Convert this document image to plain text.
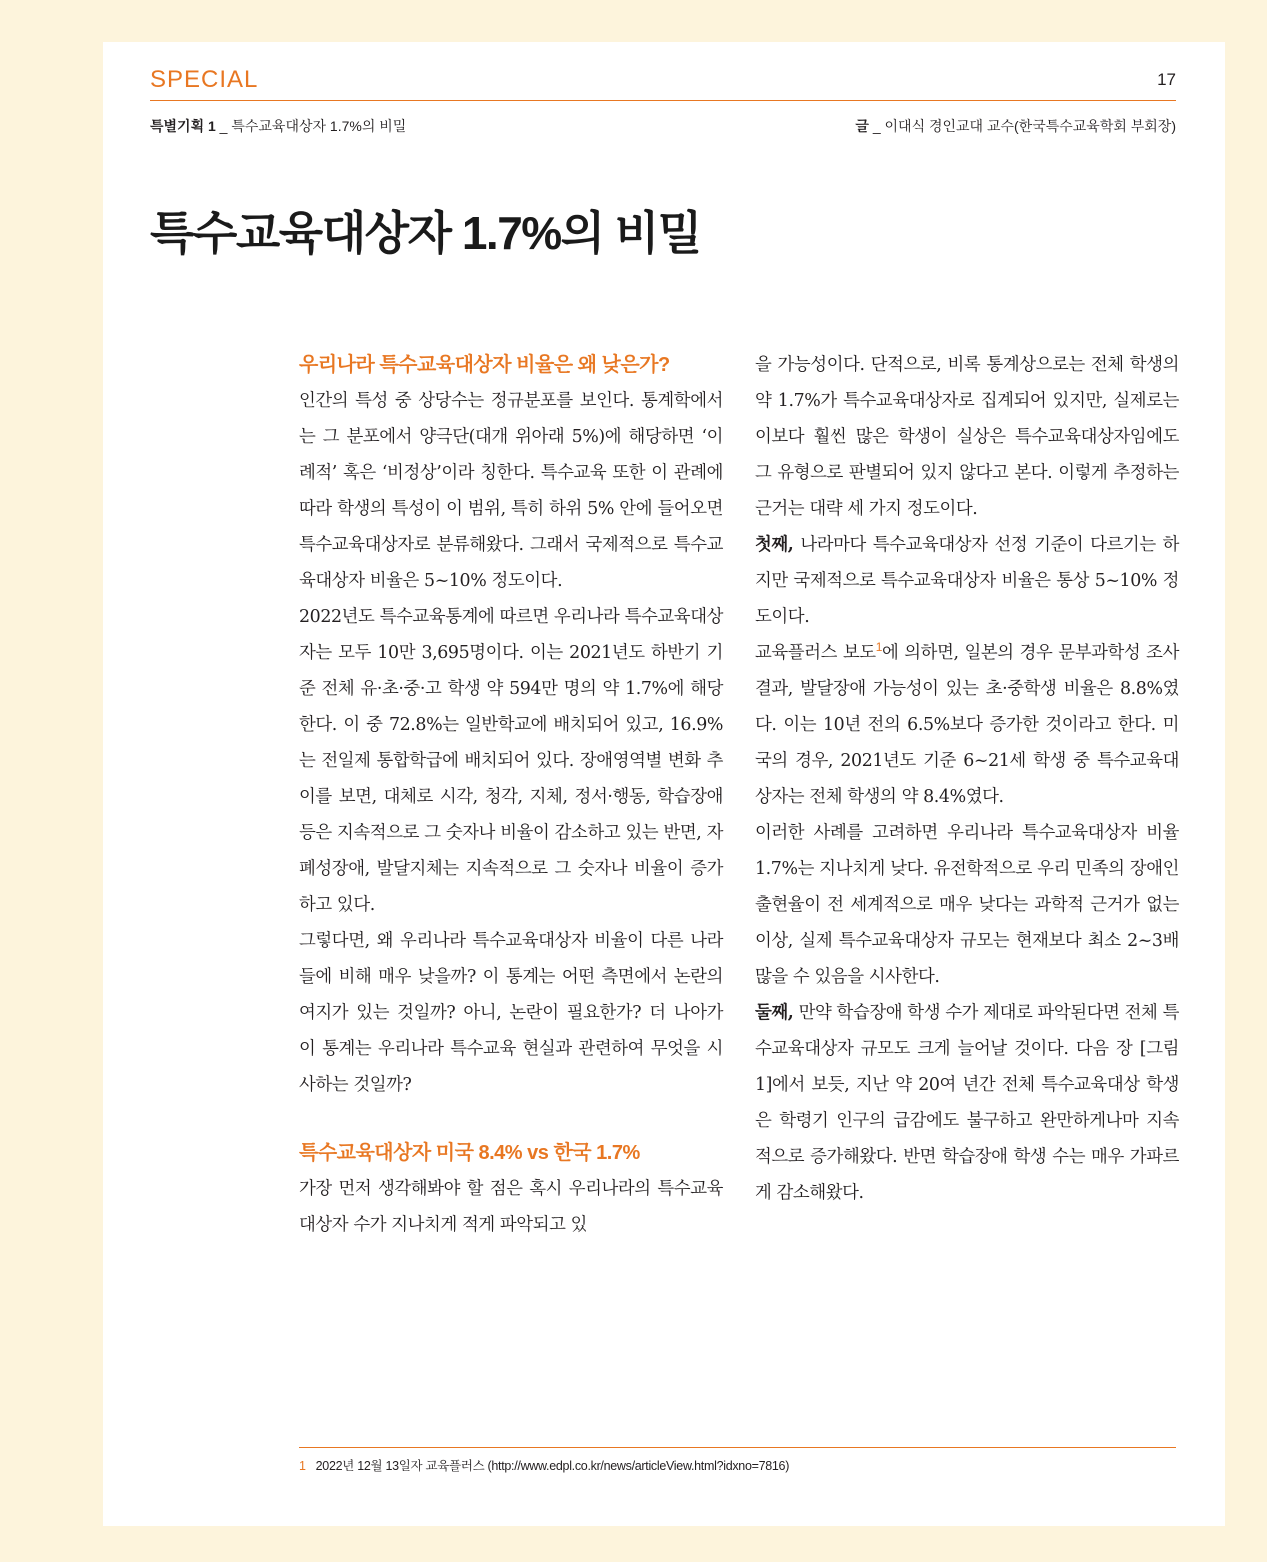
SPECIAL	17
특별기획 1 _ 특수교육대상자 1.7%의 비밀	글 _ 이대식 경인교대 교수(한국특수교육학회 부회장)
특수교육대상자 1.7%의 비밀
우리나라 특수교육대상자 비율은 왜 낮은가?

인간의 특성 중 상당수는 정규분포를 보인다. 통계학에서는 그 분포에서 양극단(대개 위아래 5%)에 해당하면 ‘이례적’ 혹은 ‘비정상’이라 칭한다. 특수교육 또한 이 관례에 따라 학생의 특성이 이 범위, 특히 하위 5% 안에 들어오면 특수교육대상자로 분류해왔다. 그래서 국제적으로 특수교육대상자 비율은 5~10% 정도이다.

2022년도 특수교육통계에 따르면 우리나라 특수교육대상자는 모두 10만 3,695명이다. 이는 2021년도 하반기 기준 전체 유·초·중·고 학생 약 594만 명의 약 1.7%에 해당한다. 이 중 72.8%는 일반학교에 배치되어 있고, 16.9%는 전일제 통합학급에 배치되어 있다. 장애영역별 변화 추이를 보면, 대체로 시각, 청각, 지체, 정서·행동, 학습장애 등은 지속적으로 그 숫자나 비율이 감소하고 있는 반면, 자폐성장애, 발달지체는 지속적으로 그 숫자나 비율이 증가하고 있다.

그렇다면, 왜 우리나라 특수교육대상자 비율이 다른 나라들에 비해 매우 낮을까? 이 통계는 어떤 측면에서 논란의 여지가 있는 것일까? 아니, 논란이 필요한가? 더 나아가 이 통계는 우리나라 특수교육 현실과 관련하여 무엇을 시사하는 것일까?

특수교육대상자 미국 8.4% vs 한국 1.7%

가장 먼저 생각해봐야 할 점은 혹시 우리나라의 특수교육대상자 수가 지나치게 적게 파악되고 있

을 가능성이다. 단적으로, 비록 통계상으로는 전체 학생의 약 1.7%가 특수교육대상자로 집계되어 있지만, 실제로는 이보다 훨씬 많은 학생이 실상은 특수교육대상자임에도 그 유형으로 판별되어 있지 않다고 본다. 이렇게 추정하는 근거는 대략 세 가지 정도이다.

첫째, 나라마다 특수교육대상자 선정 기준이 다르기는 하지만 국제적으로 특수교육대상자 비율은 통상 5~10% 정도이다.

교육플러스 보도$^1$에 의하면, 일본의 경우 문부과학성 조사 결과, 발달장애 가능성이 있는 초·중학생 비율은 8.8%였다. 이는 10년 전의 6.5%보다 증가한 것이라고 한다. 미국의 경우, 2021년도 기준 6~21세 학생 중 특수교육대상자는 전체 학생의 약 8.4%였다.

이러한 사례를 고려하면 우리나라 특수교육대상자 비율 1.7%는 지나치게 낮다. 유전학적으로 우리 민족의 장애인 출현율이 전 세계적으로 매우 낮다는 과학적 근거가 없는 이상, 실제 특수교육대상자 규모는 현재보다 최소 2~3배 많을 수 있음을 시사한다.

둘째, 만약 학습장애 학생 수가 제대로 파악된다면 전체 특수교육대상자 규모도 크게 늘어날 것이다. 다음 장 [그림1]에서 보듯, 지난 약 20여 년간 전체 특수교육대상 학생은 학령기 인구의 급감에도 불구하고 완만하게나마 지속적으로 증가해왔다. 반면 학습장애 학생 수는 매우 가파르게 감소해왔다.

1 2022년 12월 13일자 교육플러스 (http://www.edpl.co.kr/news/articleView.html?idxno=7816)
